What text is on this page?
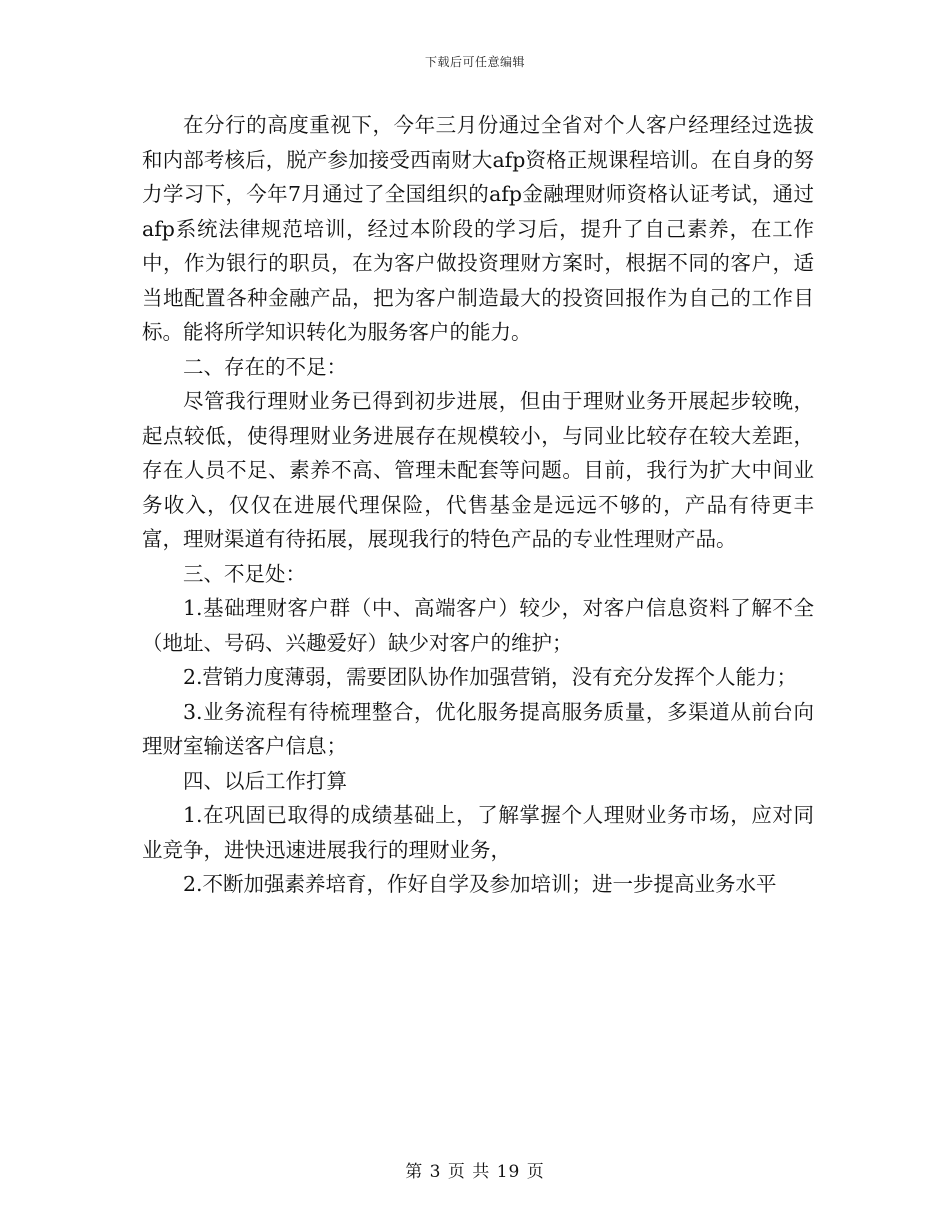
下载后可任意编辑

在分行的高度重视下，今年三月份通过全省对个人客户经理经过选拔和内部考核后，脱产参加接受西南财大afp资格正规课程培训。在自身的努力学习下，今年7月通过了全国组织的afp金融理财师资格认证考试，通过afp系统法律规范培训，经过本阶段的学习后，提升了自己素养，在工作中，作为银行的职员，在为客户做投资理财方案时，根据不同的客户，适当地配置各种金融产品，把为客户制造最大的投资回报作为自己的工作目标。能将所学知识转化为服务客户的能力。

二、存在的不足：

尽管我行理财业务已得到初步进展，但由于理财业务开展起步较晚，起点较低，使得理财业务进展存在规模较小，与同业比较存在较大差距，存在人员不足、素养不高、管理未配套等问题。目前，我行为扩大中间业务收入，仅仅在进展代理保险，代售基金是远远不够的，产品有待更丰富，理财渠道有待拓展，展现我行的特色产品的专业性理财产品。

三、不足处：

1.基础理财客户群（中、高端客户）较少，对客户信息资料了解不全（地址、号码、兴趣爱好）缺少对客户的维护；

2.营销力度薄弱，需要团队协作加强营销，没有充分发挥个人能力；

3.业务流程有待梳理整合，优化服务提高服务质量，多渠道从前台向理财室输送客户信息；

四、以后工作打算

1.在巩固已取得的成绩基础上，了解掌握个人理财业务市场，应对同业竞争，进快迅速进展我行的理财业务，

2.不断加强素养培育，作好自学及参加培训；进一步提高业务水平

第 3 页 共 19 页
